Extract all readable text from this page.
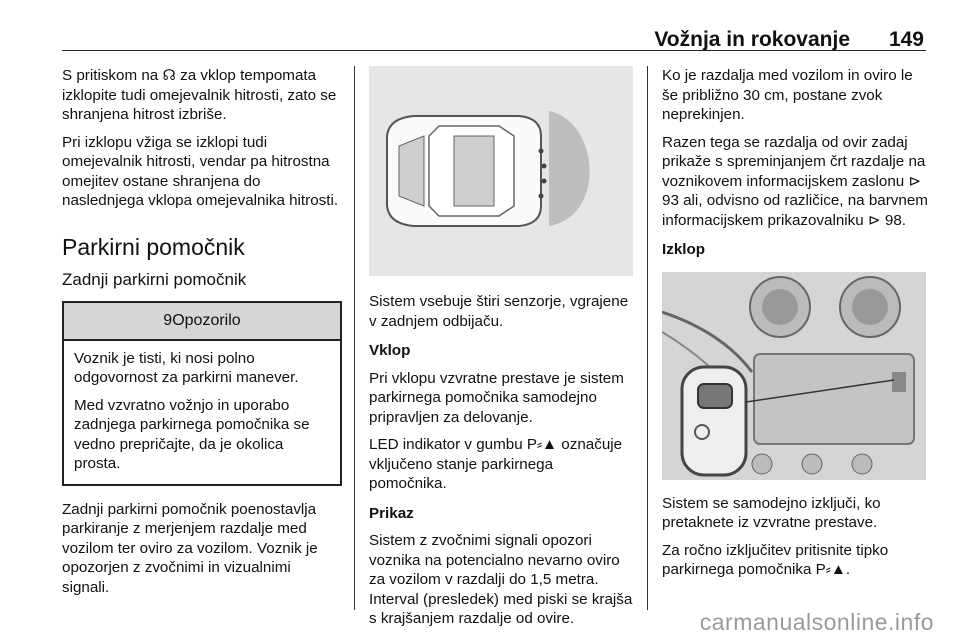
Vožnja in rokovanje 149

S pritiskom na ☊ za vklop tempomata izklopite tudi omejevalnik hitrosti, zato se shranjena hitrost izbriše.

Pri izklopu vžiga se izklopi tudi omejevalnik hitrosti, vendar pa hitrostna omejitev ostane shranjena do naslednjega vklopa omejevalnika hitrosti.

Parkirni pomočnik
Zadnji parkirni pomočnik
9Opozorilo

Voznik je tisti, ki nosi polno odgovornost za parkirni manever.

Med vzvratno vožnjo in uporabo zadnjega parkirnega pomočnika se vedno prepričajte, da je okolica prosta.

Zadnji parkirni pomočnik poenostavlja parkiranje z merjenjem razdalje med vozilom ter oviro za vozilom. Voznik je opozorjen z zvočnimi in vizualnimi signali.

Sistem vsebuje štiri senzorje, vgrajene v zadnjem odbijaču.

Vklop

Pri vklopu vzvratne prestave je sistem parkirnega pomočnika samodejno pripravljen za delovanje.

LED indikator v gumbu P⸗▲ označuje vključeno stanje parkirnega pomočnika.

Prikaz

Sistem z zvočnimi signali opozori voznika na potencialno nevarno oviro za vozilom v razdalji do 1,5 metra. Interval (presledek) med piski se krajša s krajšanjem razdalje od ovire.

Ko je razdalja med vozilom in oviro le še približno 30 cm, postane zvok neprekinjen.

Razen tega se razdalja od ovir zadaj prikaže s spreminjanjem črt razdalje na voznikovem informacijskem zaslonu ⊳ 93 ali, odvisno od različice, na barvnem informacijskem prikazovalniku ⊳ 98.

Izklop

Sistem se samodejno izključi, ko pretaknete iz vzvratne prestave.

Za ročno izključitev pritisnite tipko parkirnega pomočnika P⸗▲.

carmanualsonline.info
